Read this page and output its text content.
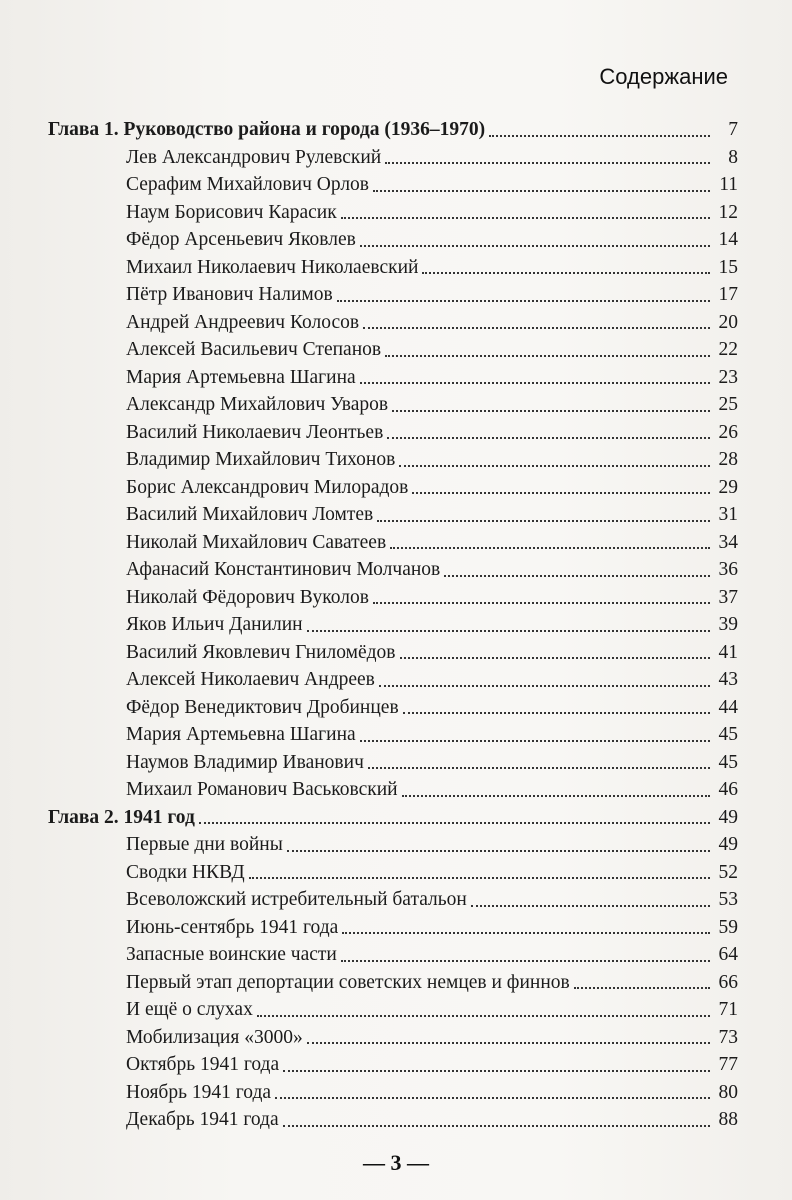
Содержание
Глава 1. Руководство района и города (1936–1970)	7
Лев Александрович Рулевский	8
Серафим Михайлович Орлов	11
Наум Борисович Карасик	12
Фёдор Арсеньевич Яковлев	14
Михаил Николаевич Николаевский	15
Пётр Иванович Налимов	17
Андрей Андреевич Колосов	20
Алексей Васильевич Степанов	22
Мария Артемьевна Шагина	23
Александр Михайлович Уваров	25
Василий Николаевич Леонтьев	26
Владимир Михайлович Тихонов	28
Борис Александрович Милорадов	29
Василий Михайлович Ломтев	31
Николай Михайлович Саватеев	34
Афанасий Константинович Молчанов	36
Николай Фёдорович Вуколов	37
Яков Ильич Данилин	39
Василий Яковлевич Гниломёдов	41
Алексей Николаевич Андреев	43
Фёдор Венедиктович Дробинцев	44
Мария Артемьевна Шагина	45
Наумов Владимир Иванович	45
Михаил Романович Васьковский	46
Глава 2. 1941 год	49
Первые дни войны	49
Сводки НКВД	52
Всеволожский истребительный батальон	53
Июнь-сентябрь 1941 года	59
Запасные воинские части	64
Первый этап депортации советских немцев и финнов	66
И ещё о слухах	71
Мобилизация «3000»	73
Октябрь 1941 года	77
Ноябрь 1941 года	80
Декабрь 1941 года	88
— 3 —
